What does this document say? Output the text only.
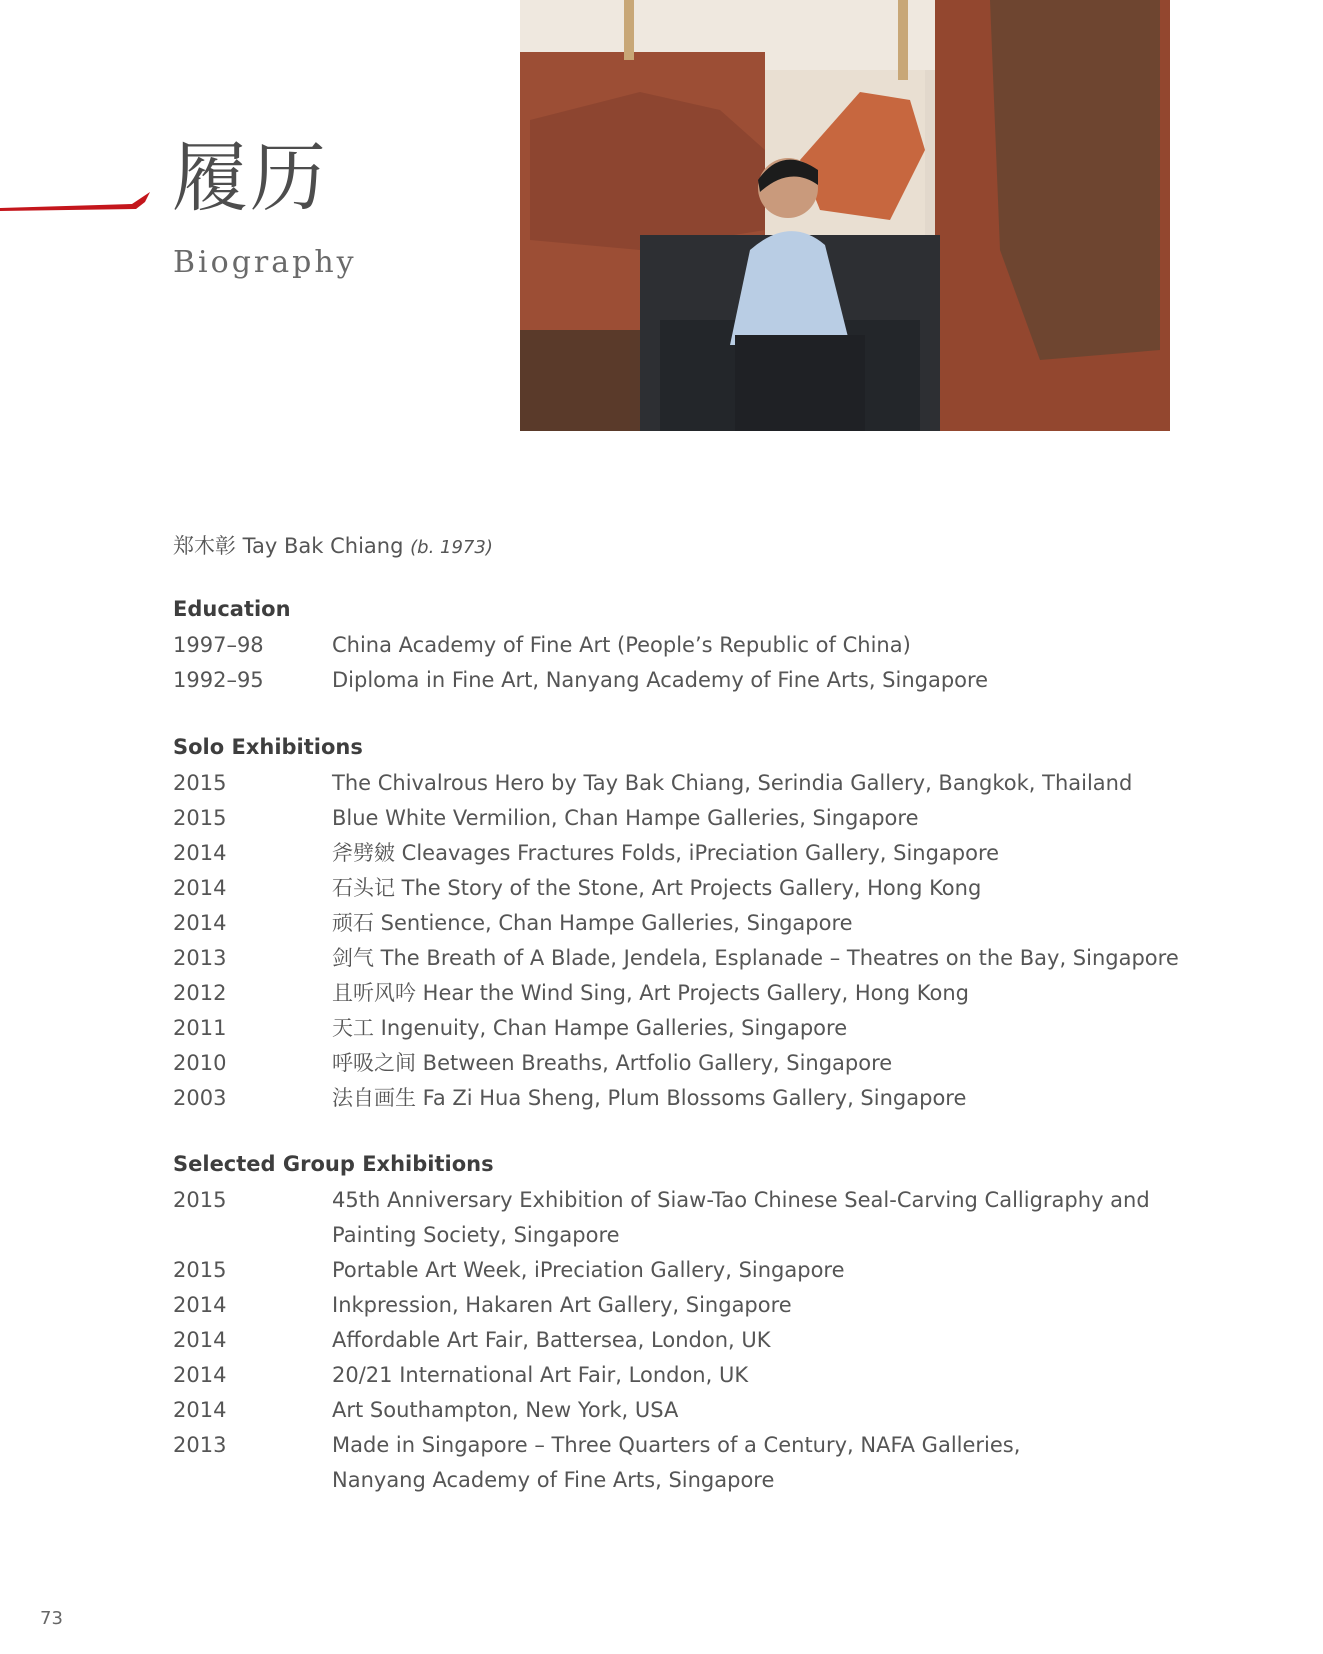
履历
Biography
郑木彰 Tay Bak Chiang (b. 1973)
Education
1997–98	China Academy of Fine Art (People’s Republic of China)
1992–95	Diploma in Fine Art, Nanyang Academy of Fine Arts, Singapore
Solo Exhibitions
2015	The Chivalrous Hero by Tay Bak Chiang, Serindia Gallery, Bangkok, Thailand
2015	Blue White Vermilion, Chan Hampe Galleries, Singapore
2014	斧劈皴 Cleavages Fractures Folds, iPreciation Gallery, Singapore
2014	石头记 The Story of the Stone, Art Projects Gallery, Hong Kong
2014	顽石 Sentience, Chan Hampe Galleries, Singapore
2013	剑气 The Breath of A Blade, Jendela, Esplanade – Theatres on the Bay, Singapore
2012	且听风吟 Hear the Wind Sing, Art Projects Gallery, Hong Kong
2011	天工 Ingenuity, Chan Hampe Galleries, Singapore
2010	呼吸之间 Between Breaths, Artfolio Gallery, Singapore
2003	法自画生 Fa Zi Hua Sheng, Plum Blossoms Gallery, Singapore
Selected Group Exhibitions
2015	45th Anniversary Exhibition of Siaw-Tao Chinese Seal-Carving Calligraphy and
Painting Society, Singapore
2015	Portable Art Week, iPreciation Gallery, Singapore
2014	Inkpression, Hakaren Art Gallery, Singapore
2014	Affordable Art Fair, Battersea, London, UK
2014	20/21 International Art Fair, London, UK
2014	Art Southampton, New York, USA
2013	Made in Singapore – Three Quarters of a Century, NAFA Galleries,
Nanyang Academy of Fine Arts, Singapore
73
